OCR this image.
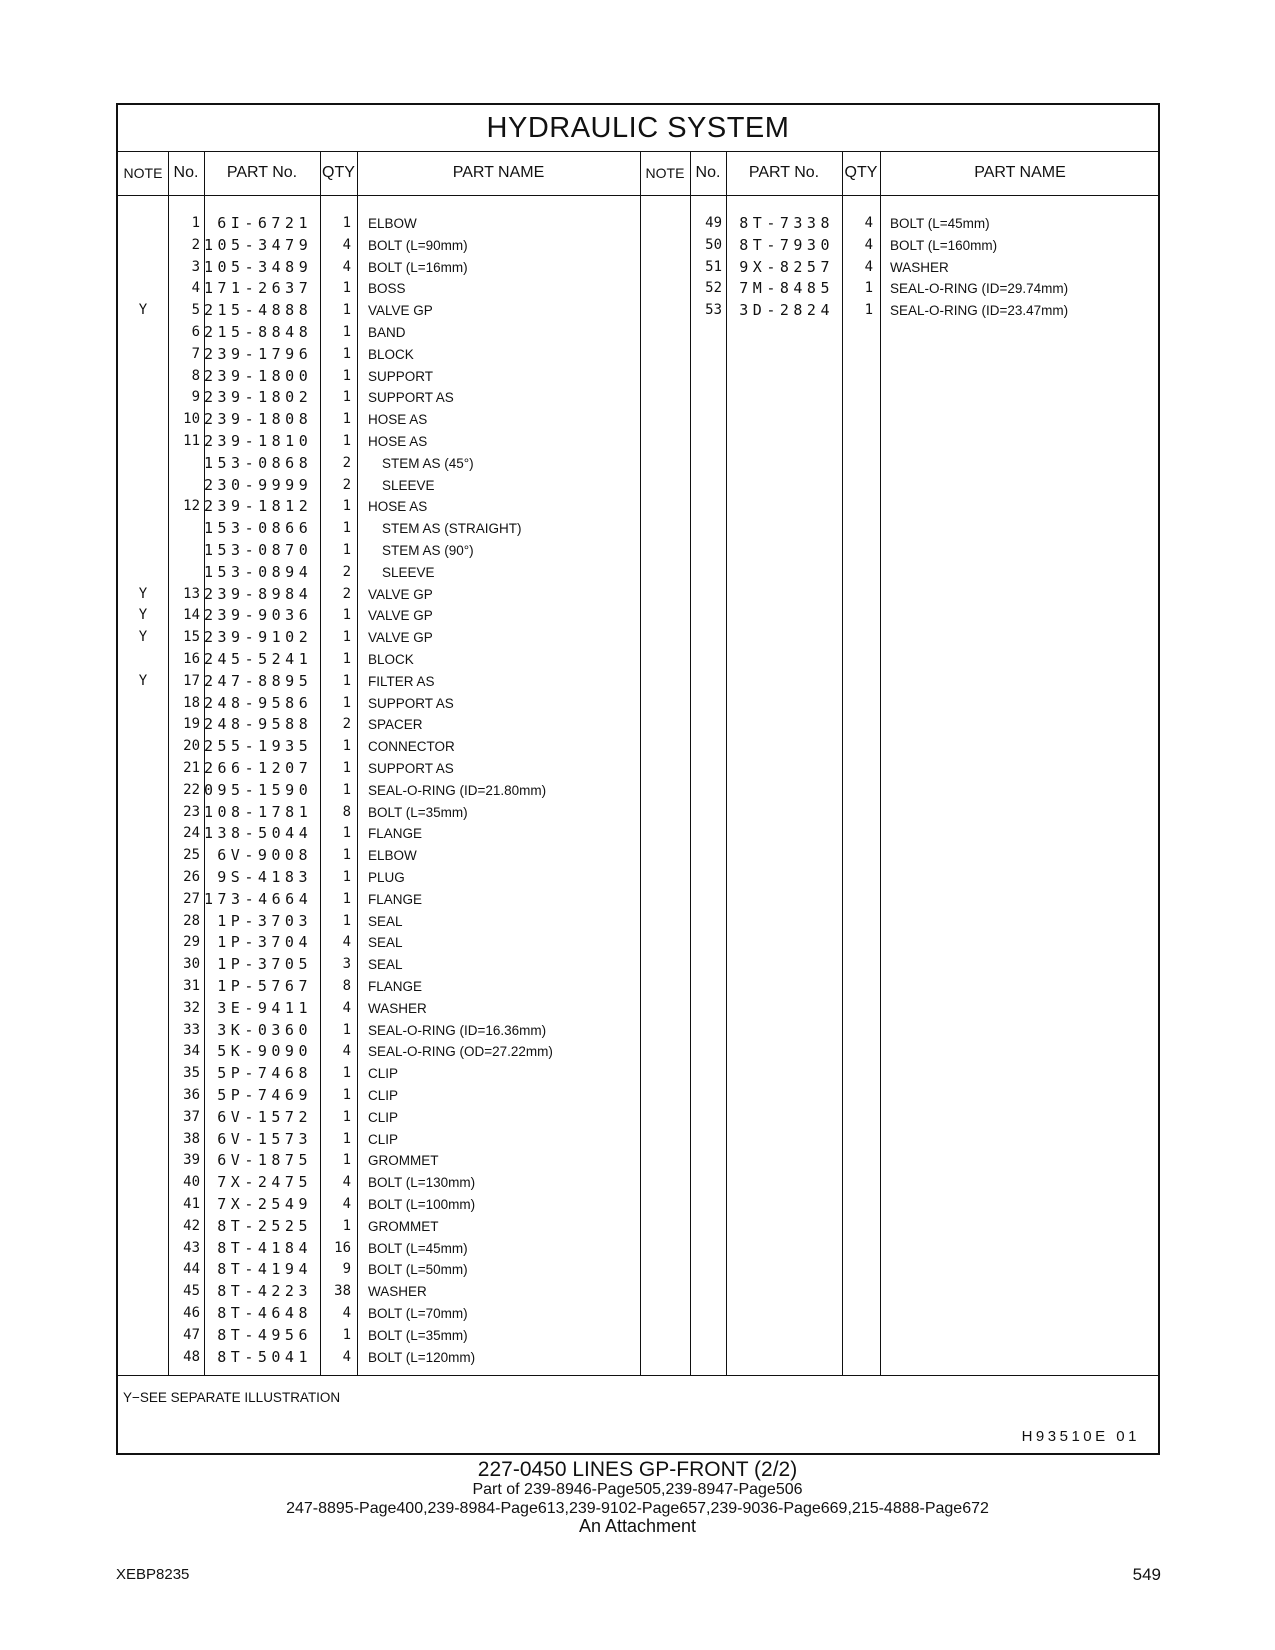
HYDRAULIC SYSTEM
NOTE No.	PART No.	QTY	PART NAME	NOTE No.	PART No.	QTY	PART NAME
1	6I-6721	1 ELBOW
2 105-3479	4 BOLT (L=90mm)
3 105-3489	4 BOLT (L=16mm)
4 171-2637	1 BOSS
Y	5 215-4888	1 VALVE GP
6 215-8848	1 BAND
7 239-1796	1 BLOCK
8 239-1800	1 SUPPORT
9 239-1802	1 SUPPORT AS
10 239-1808	1 HOSE AS
11 239-1810	1 HOSE AS
153-0868	2 STEM AS (45°)
230-9999	2 SLEEVE
12 239-1812	1 HOSE AS
153-0866	1 STEM AS (STRAIGHT)
153-0870	1 STEM AS (90°)
153-0894	2 SLEEVE
Y	13 239-8984	2 VALVE GP
Y	14 239-9036	1 VALVE GP
Y	15 239-9102	1 VALVE GP
16 245-5241	1 BLOCK
Y	17 247-8895	1 FILTER AS
18 248-9586	1 SUPPORT AS
19 248-9588	2 SPACER
20 255-1935	1 CONNECTOR
21 266-1207	1 SUPPORT AS
22 095-1590	1 SEAL-O-RING (ID=21.80mm)
23 108-1781	8 BOLT (L=35mm)
24 138-5044	1 FLANGE
25	6V-9008	1 ELBOW
26	9S-4183	1 PLUG
27 173-4664	1 FLANGE
28	1P-3703	1 SEAL
29	1P-3704	4 SEAL
30	1P-3705	3 SEAL
31	1P-5767	8 FLANGE
32	3E-9411	4 WASHER
33	3K-0360	1 SEAL-O-RING (ID=16.36mm)
34	5K-9090	4 SEAL-O-RING (OD=27.22mm)
35	5P-7468	1 CLIP
36	5P-7469	1 CLIP
37	6V-1572	1 CLIP
38	6V-1573	1 CLIP
39	6V-1875	1 GROMMET
40	7X-2475	4 BOLT (L=130mm)
41	7X-2549	4 BOLT (L=100mm)
42	8T-2525	1 GROMMET
43	8T-4184	16 BOLT (L=45mm)
44	8T-4194	9 BOLT (L=50mm)
45	8T-4223	38 WASHER
46	8T-4648	4 BOLT (L=70mm)
47	8T-4956	1 BOLT (L=35mm)
48	8T-5041	4 BOLT (L=120mm)
49	8T-7338	4 BOLT (L=45mm)
50	8T-7930	4 BOLT (L=160mm)
51	9X-8257	4 WASHER
52	7M-8485	1 SEAL-O-RING (ID=29.74mm)
53	3D-2824	1 SEAL-O-RING (ID=23.47mm)
Y−SEE SEPARATE ILLUSTRATION
H93510E 01
227-0450 LINES GP-FRONT (2/2)
Part of 239-8946-Page505,239-8947-Page506
247-8895-Page400,239-8984-Page613,239-9102-Page657,239-9036-Page669,215-4888-Page672
An Attachment
XEBP8235	549
